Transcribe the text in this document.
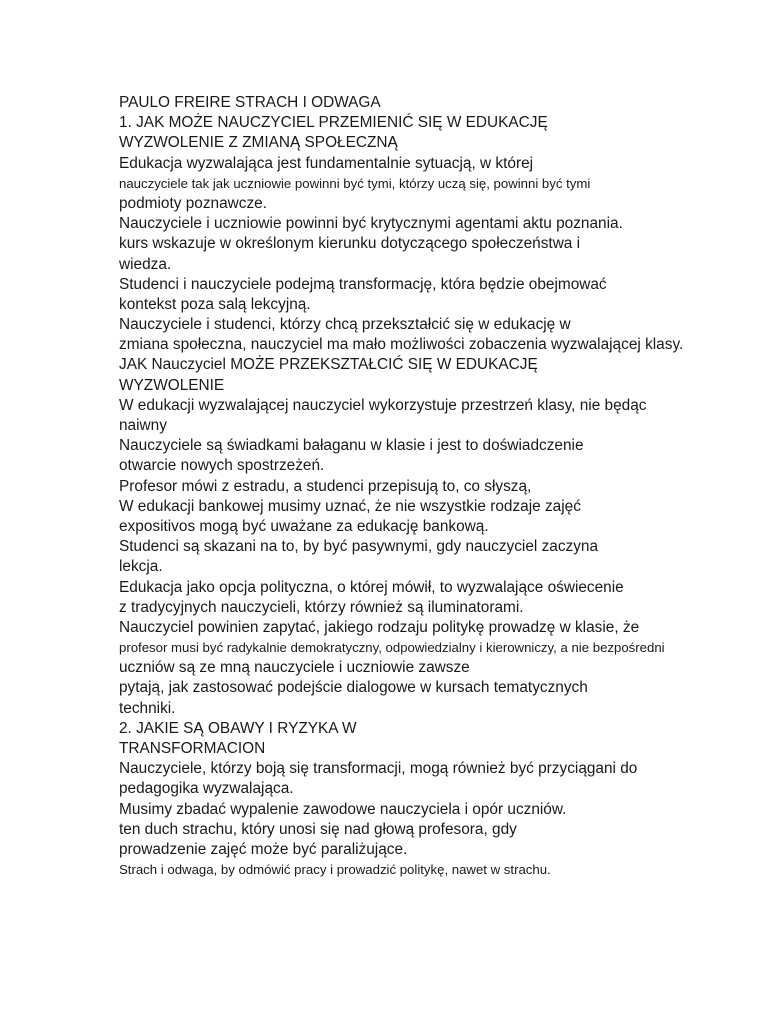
PAULO FREIRE STRACH I ODWAGA
1. JAK MOŻE NAUCZYCIEL PRZEMIENIĆ SIĘ W EDUKACJĘ
WYZWOLENIE Z ZMIANĄ SPOŁECZNĄ
Edukacja wyzwalająca jest fundamentalnie sytuacją, w której
nauczyciele tak jak uczniowie powinni być tymi, którzy uczą się, powinni być tymi
podmioty poznawcze.
Nauczyciele i uczniowie powinni być krytycznymi agentami aktu poznania.
kurs wskazuje w określonym kierunku dotyczącego społeczeństwa i
wiedza.
Studenci i nauczyciele podejmą transformację, która będzie obejmować
kontekst poza salą lekcyjną.
Nauczyciele i studenci, którzy chcą przekształcić się w edukację w
zmiana społeczna, nauczyciel ma mało możliwości zobaczenia wyzwalającej klasy.
JAK Nauczyciel MOŻE PRZEKSZTAŁCIĆ SIĘ W EDUKACJĘ
WYZWOLENIE
W edukacji wyzwalającej nauczyciel wykorzystuje przestrzeń klasy, nie będąc
naiwny
Nauczyciele są świadkami bałaganu w klasie i jest to doświadczenie
otwarcie nowych spostrzeżeń.
Profesor mówi z estradu, a studenci przepisują to, co słyszą,
W edukacji bankowej musimy uznać, że nie wszystkie rodzaje zajęć
expositivos mogą być uważane za edukację bankową.
Studenci są skazani na to, by być pasywnymi, gdy nauczyciel zaczyna
lekcja.
Edukacja jako opcja polityczna, o której mówił, to wyzwalające oświecenie
z tradycyjnych nauczycieli, którzy również są iluminatorami.
Nauczyciel powinien zapytać, jakiego rodzaju politykę prowadzę w klasie, że
profesor musi być radykalnie demokratyczny, odpowiedzialny i kierowniczy, a nie bezpośredni
uczniów są ze mną nauczyciele i uczniowie zawsze
pytają, jak zastosować podejście dialogowe w kursach tematycznych
techniki.
2. JAKIE SĄ OBAWY I RYZYKA W
TRANSFORMACION
Nauczyciele, którzy boją się transformacji, mogą również być przyciągani do
pedagogika wyzwalająca.
Musimy zbadać wypalenie zawodowe nauczyciela i opór uczniów.
ten duch strachu, który unosi się nad głową profesora, gdy
prowadzenie zajęć może być paraliżujące.
Strach i odwaga, by odmówić pracy i prowadzić politykę, nawet w strachu.
